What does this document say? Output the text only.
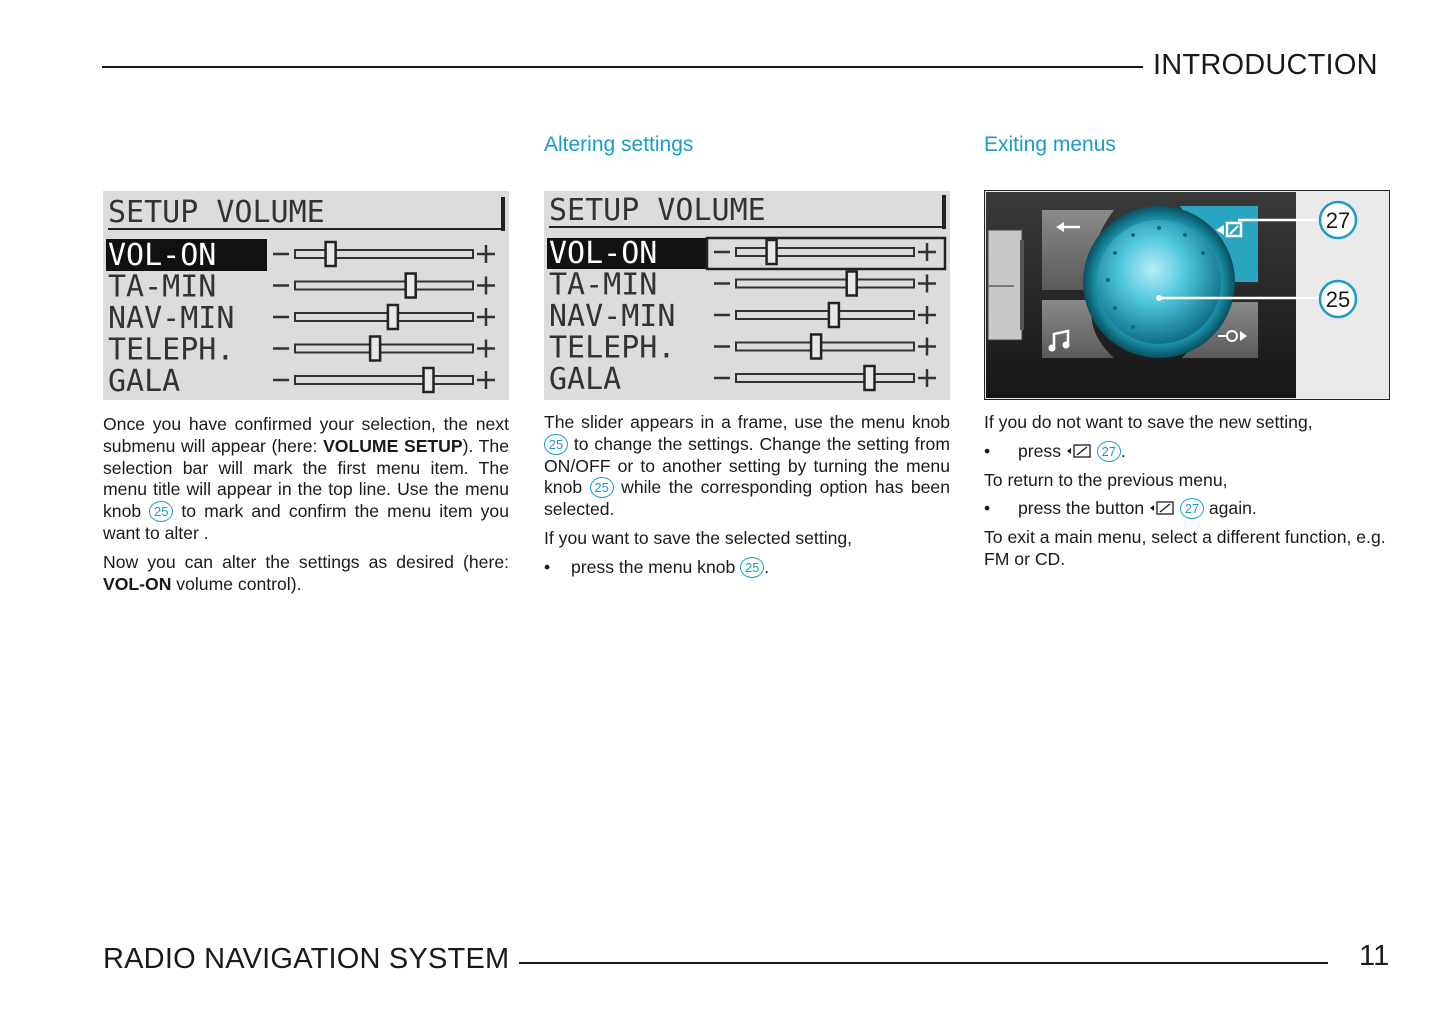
INTRODUCTION
Altering settings	Exiting menus
SETUP VOLUME
VOL-ON
TA-MIN
NAV-MIN
TELEPH.
GALA
SETUP VOLUME
VOL-ON
TA-MIN
NAV-MIN
TELEPH.
GALA
27
25

Once you have confirmed your selection, the next submenu will appear (here: VOLUME SETUP). The selection bar will mark the first menu item. The menu title will appear in the top line. Use the menu knob 25 to mark and confirm the menu item you want to alter .

Now you can alter the settings as desired (here: VOL-ON volume control).

The slider appears in a frame, use the menu knob 25 to change the settings. Change the setting from ON/OFF or to another setting by turning the menu knob 25 while the corresponding option has been selected.

If you want to save the selected setting,

• press the menu knob 25 .

If you do not want to save the new setting,

• press	27 .

To return to the previous menu,

• press the button	27 again.

To exit a main menu, select a different function, e.g. FM or CD.

RADIO NAVIGATION SYSTEM	11
